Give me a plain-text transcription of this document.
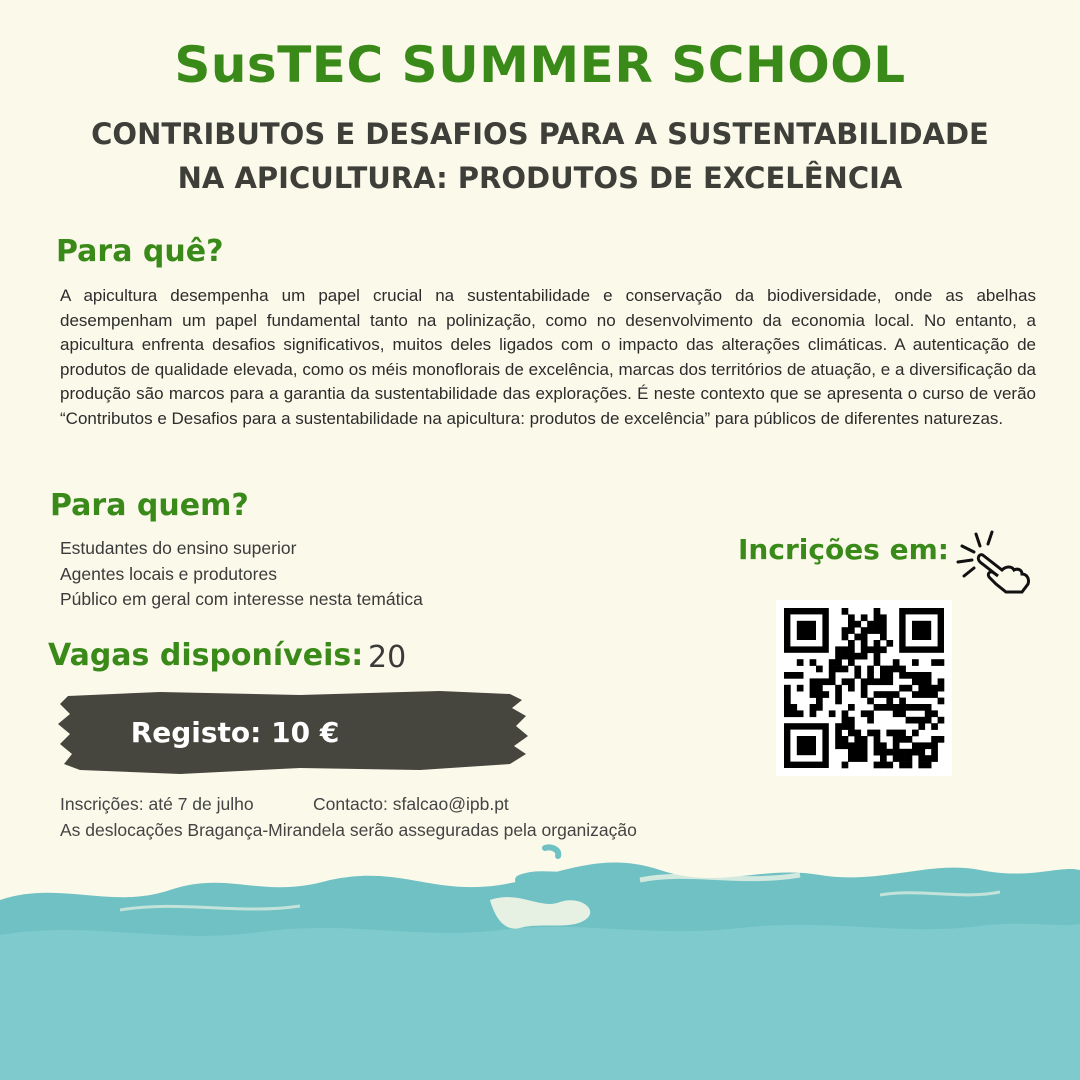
SusTEC SUMMER SCHOOL
CONTRIBUTOS E DESAFIOS PARA A SUSTENTABILIDADE
NA APICULTURA: PRODUTOS DE EXCELÊNCIA
Para quê?

A apicultura desempenha um papel crucial na sustentabilidade e conservação da biodiversidade, onde as abelhas desempenham um papel fundamental tanto na polinização, como no desenvolvimento da economia local. No entanto, a apicultura enfrenta desafios significativos, muitos deles ligados com o impacto das alterações climáticas. A autenticação de produtos de qualidade elevada, como os méis monoflorais de excelência, marcas dos territórios de atuação, e a diversificação da produção são marcos para a garantia da sustentabilidade das explorações. É neste contexto que se apresenta o curso de verão “Contributos e Desafios para a sustentabilidade na apicultura: produtos de excelência” para públicos de diferentes naturezas.

Para quem?
Estudantes do ensino superior
Agentes locais e produtores
Público em geral com interesse nesta temática
Vagas disponíveis: 20
Registo: 10 €
Inscrições: até 7 de julho	Contacto: sfalcao@ipb.pt
As deslocações Bragança-Mirandela serão asseguradas pela organização
Incrições em:
